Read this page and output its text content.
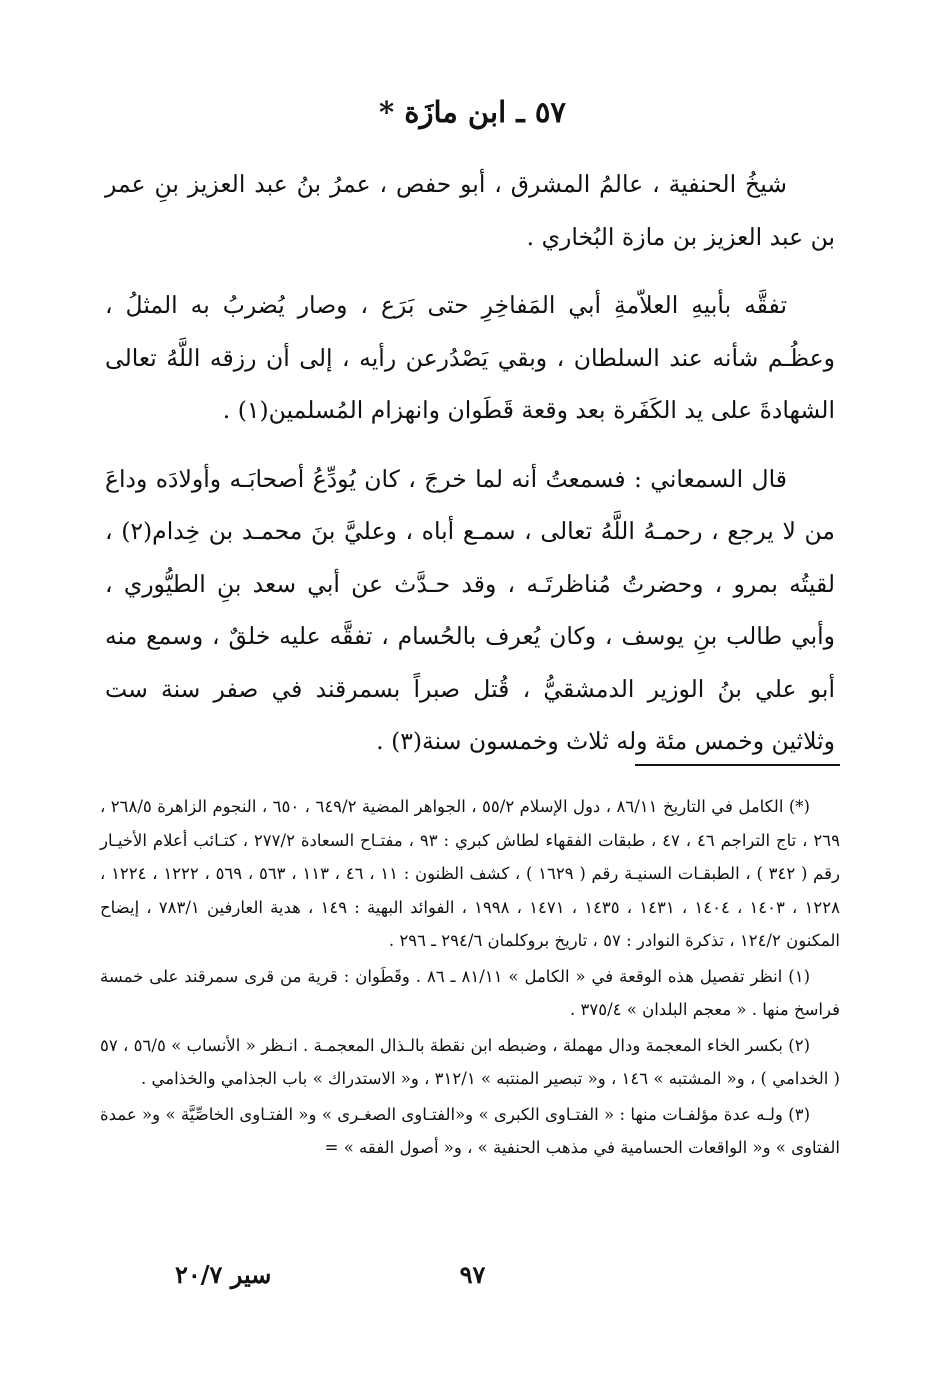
٥٧ ـ ابن مازَة *

شيخُ الحنفية ، عالمُ المشرق ، أبو حفص ، عمرُ بنُ عبد العزيز بنِ عمر بن عبد العزيز بن مازة البُخاري .

تفقَّه بأبيهِ العلاّمةِ أبي المَفاخِرِ حتى بَرَع ، وصار يُضربُ به المثلُ ، وعظُـم شأنه عند السلطان ، وبقي يَصْدُرعن رأيه ، إلى أن رزقه اللَّهُ تعالى الشهادةَ على يد الكَفَرة بعد وقعة قَطَوان وانهزام المُسلمين(١) .

قال السمعاني : فسمعتُ أنه لما خرجَ ، كان يُودِّعُ أصحابَـه وأولادَه وداعَ من لا يرجع ، رحمـهُ اللَّهُ تعالى ، سمـع أباه ، وعليَّ بنَ محمـد بن خِدام(٢) ، لقيتُه بمرو ، وحضرتُ مُناظرتَـه ، وقد حـدَّث عن أبي سعد بنِ الطيُّوري ، وأبي طالب بنِ يوسف ، وكان يُعرف بالحُسام ، تفقَّه عليه خلقٌ ، وسمع منه أبو علي بنُ الوزير الدمشقيُّ ، قُتل صبراً بسمرقند في صفر سنة ست وثلاثين وخمس مئة وله ثلاث وخمسون سنة(٣) .

(*) الكامل في التاريخ ٨٦/١١ ، دول الإسلام ٥٥/٢ ، الجواهر المضية ٦٤٩/٢ ، ٦٥٠ ، النجوم الزاهرة ٢٦٨/٥ ، ٢٦٩ ، تاج التراجم ٤٦ ، ٤٧ ، طبقات الفقهاء لطاش كبري : ٩٣ ، مفتـاح السعادة ٢٧٧/٢ ، كتـائب أعلام الأخيـار رقم ( ٣٤٢ ) ، الطبقـات السنيـة رقم ( ١٦٢٩ ) ، كشف الظنون : ١١ ، ٤٦ ، ١١٣ ، ٥٦٣ ، ٥٦٩ ، ١٢٢٢ ، ١٢٢٤ ، ١٢٢٨ ، ١٤٠٣ ، ١٤٠٤ ، ١٤٣١ ، ١٤٣٥ ، ١٤٧١ ، ١٩٩٨ ، الفوائد البهية : ١٤٩ ، هدية العارفين ٧٨٣/١ ، إيضاح المكنون ١٢٤/٢ ، تذكرة النوادر : ٥٧ ، تاريخ بروكلمان ٢٩٤/٦ ـ ٢٩٦ .

(١) انظر تفصيل هذه الوقعة في « الكامل » ٨١/١١ ـ ٨٦ . وقَطَوان : قرية من قرى سمرقند على خمسة فراسخ منها . « معجم البلدان » ٣٧٥/٤ .

(٢) بكسر الخاء المعجمة ودال مهملة ، وضبطه ابن نقطة بالـذال المعجمـة . انـظر « الأنساب » ٥٦/٥ ، ٥٧ ( الخدامي ) ، و« المشتبه » ١٤٦ ، و« تبصير المنتبه » ٣١٢/١ ، و« الاستدراك » باب الجذامي والخذامي .

(٣) ولـه عدة مؤلفـات منها : « الفتـاوى الكبرى » و«الفتـاوى الصغـرى » و« الفتـاوى الخاصِّيَّة » و« عمدة الفتاوى » و« الواقعات الحسامية في مذهب الحنفية » ، و« أصول الفقه » =

٩٧
سير ٢٠/٧
